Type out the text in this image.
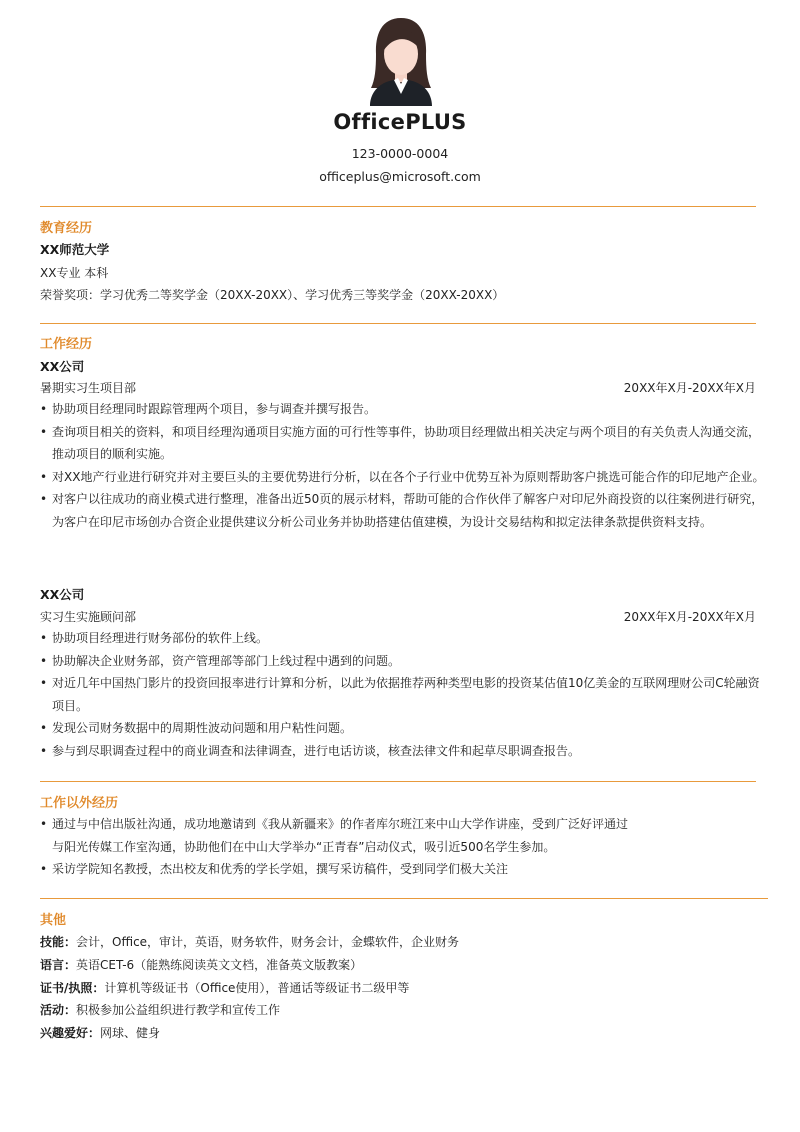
OfficePLUS
123-0000-0004
officeplus@microsoft.com
教育经历
XX师范大学
XX专业 本科
荣誉奖项：学习优秀二等奖学金（20XX-20XX）、学习优秀三等奖学金（20XX-20XX）
工作经历
XX公司
暑期实习生项目部	20XX年X月-20XX年X月
• 协助项目经理同时跟踪管理两个项目，参与调查并撰写报告。
• 查询项目相关的资料，和项目经理沟通项目实施方面的可行性等事件，协助项目经理做出相关决定与两个项目的有关负责人沟通交流，推动项目的顺利实施。
• 对XX地产行业进行研究并对主要巨头的主要优势进行分析，以在各个子行业中优势互补为原则帮助客户挑选可能合作的印尼地产企业。
• 对客户以往成功的商业模式进行整理，准备出近50页的展示材料，帮助可能的合作伙伴了解客户对印尼外商投资的以往案例进行研究，为客户在印尼市场创办合资企业提供建议分析公司业务并协助搭建估值建模，为设计交易结构和拟定法律条款提供资料支持。
XX公司
实习生实施顾问部	20XX年X月-20XX年X月
• 协助项目经理进行财务部份的软件上线。
• 协助解决企业财务部，资产管理部等部门上线过程中遇到的问题。
• 对近几年中国热门影片的投资回报率进行计算和分析，以此为依据推荐两种类型电影的投资某估值10亿美金的互联网理财公司C轮融资项目。
• 发现公司财务数据中的周期性波动问题和用户粘性问题。
• 参与到尽职调查过程中的商业调查和法律调查，进行电话访谈，核查法律文件和起草尽职调查报告。
工作以外经历
• 通过与中信出版社沟通，成功地邀请到《我从新疆来》的作者库尔班江来中山大学作讲座，受到广泛好评通过
与阳光传媒工作室沟通，协助他们在中山大学举办“正青春”启动仪式，吸引近500名学生参加。
• 采访学院知名教授，杰出校友和优秀的学长学姐，撰写采访稿件，受到同学们极大关注
其他
技能：会计，Office，审计，英语，财务软件，财务会计，金蝶软件，企业财务
语言：英语CET-6（能熟练阅读英文文档，准备英文版教案）
证书/执照：计算机等级证书（Office使用），普通话等级证书二级甲等
活动：积极参加公益组织进行教学和宣传工作
兴趣爱好：网球、健身
